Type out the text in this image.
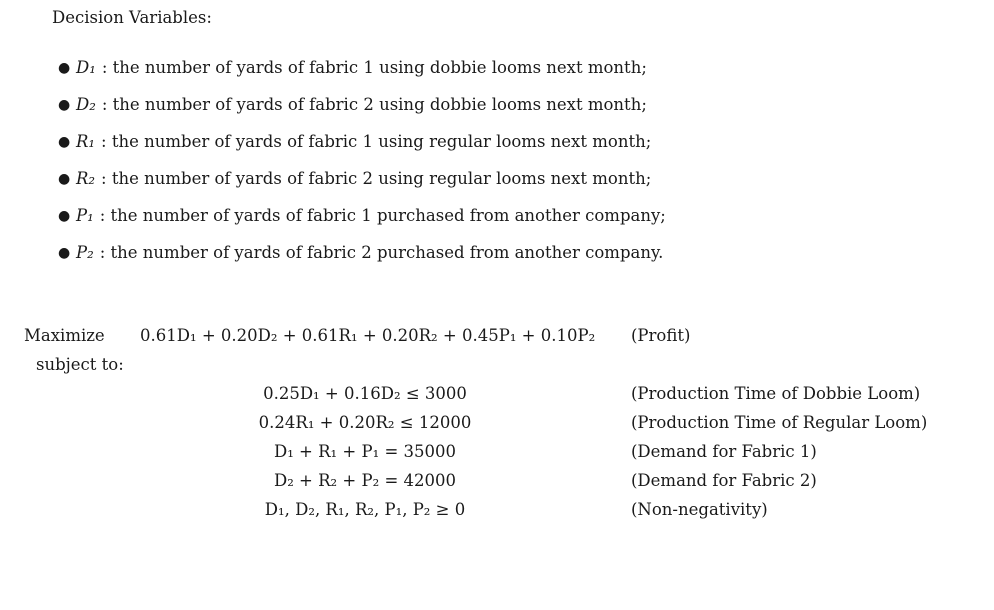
Decision Variables:
● D₁ : the number of yards of fabric 1 using dobbie looms next month;
● D₂ : the number of yards of fabric 2 using dobbie looms next month;
● R₁ : the number of yards of fabric 1 using regular looms next month;
● R₂ : the number of yards of fabric 2 using regular looms next month;
● P₁ : the number of yards of fabric 1 purchased from another company;
● P₂ : the number of yards of fabric 2 purchased from another company.
Maximize
subject to:
0.61D₁ + 0.20D₂ + 0.61R₁ + 0.20R₂ + 0.45P₁ + 0.10P₂ (Profit)
0.25D₁ + 0.16D₂ ≤ 3000	(Production Time of Dobbie Loom)
0.24R₁ + 0.20R₂ ≤ 12000	(Production Time of Regular Loom)
D₁ + R₁ + P₁ = 35000	(Demand for Fabric 1)
D₂ + R₂ + P₂ = 42000	(Demand for Fabric 2)
D₁, D₂, R₁, R₂, P₁, P₂ ≥ 0	(Non-negativity)
